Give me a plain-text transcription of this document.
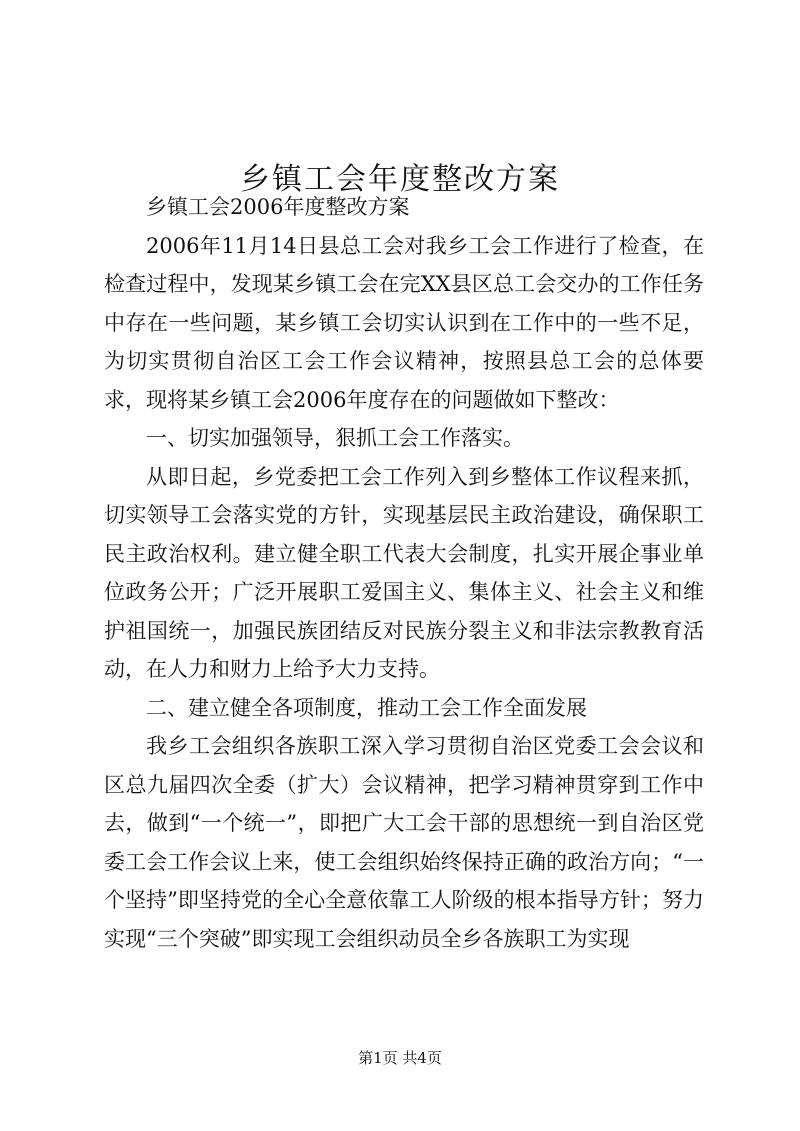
乡镇工会年度整改方案

乡镇工会2006年度整改方案

2006年11月14日县总工会对我乡工会工作进行了检查，在检查过程中，发现某乡镇工会在完XX县区总工会交办的工作任务中存在一些问题，某乡镇工会切实认识到在工作中的一些不足，为切实贯彻自治区工会工作会议精神，按照县总工会的总体要求，现将某乡镇工会2006年度存在的问题做如下整改：

一、切实加强领导，狠抓工会工作落实。

从即日起，乡党委把工会工作列入到乡整体工作议程来抓，切实领导工会落实党的方针，实现基层民主政治建设，确保职工民主政治权利。建立健全职工代表大会制度，扎实开展企事业单位政务公开；广泛开展职工爱国主义、集体主义、社会主义和维护祖国统一，加强民族团结反对民族分裂主义和非法宗教教育活动，在人力和财力上给予大力支持。

二、建立健全各项制度，推动工会工作全面发展

我乡工会组织各族职工深入学习贯彻自治区党委工会会议和区总九届四次全委（扩大）会议精神，把学习精神贯穿到工作中去，做到“一个统一”，即把广大工会干部的思想统一到自治区党委工会工作会议上来，使工会组织始终保持正确的政治方向；“一个坚持”即坚持党的全心全意依靠工人阶级的根本指导方针；努力实现“三个突破”即实现工会组织动员全乡各族职工为实现

第1页 共4页
